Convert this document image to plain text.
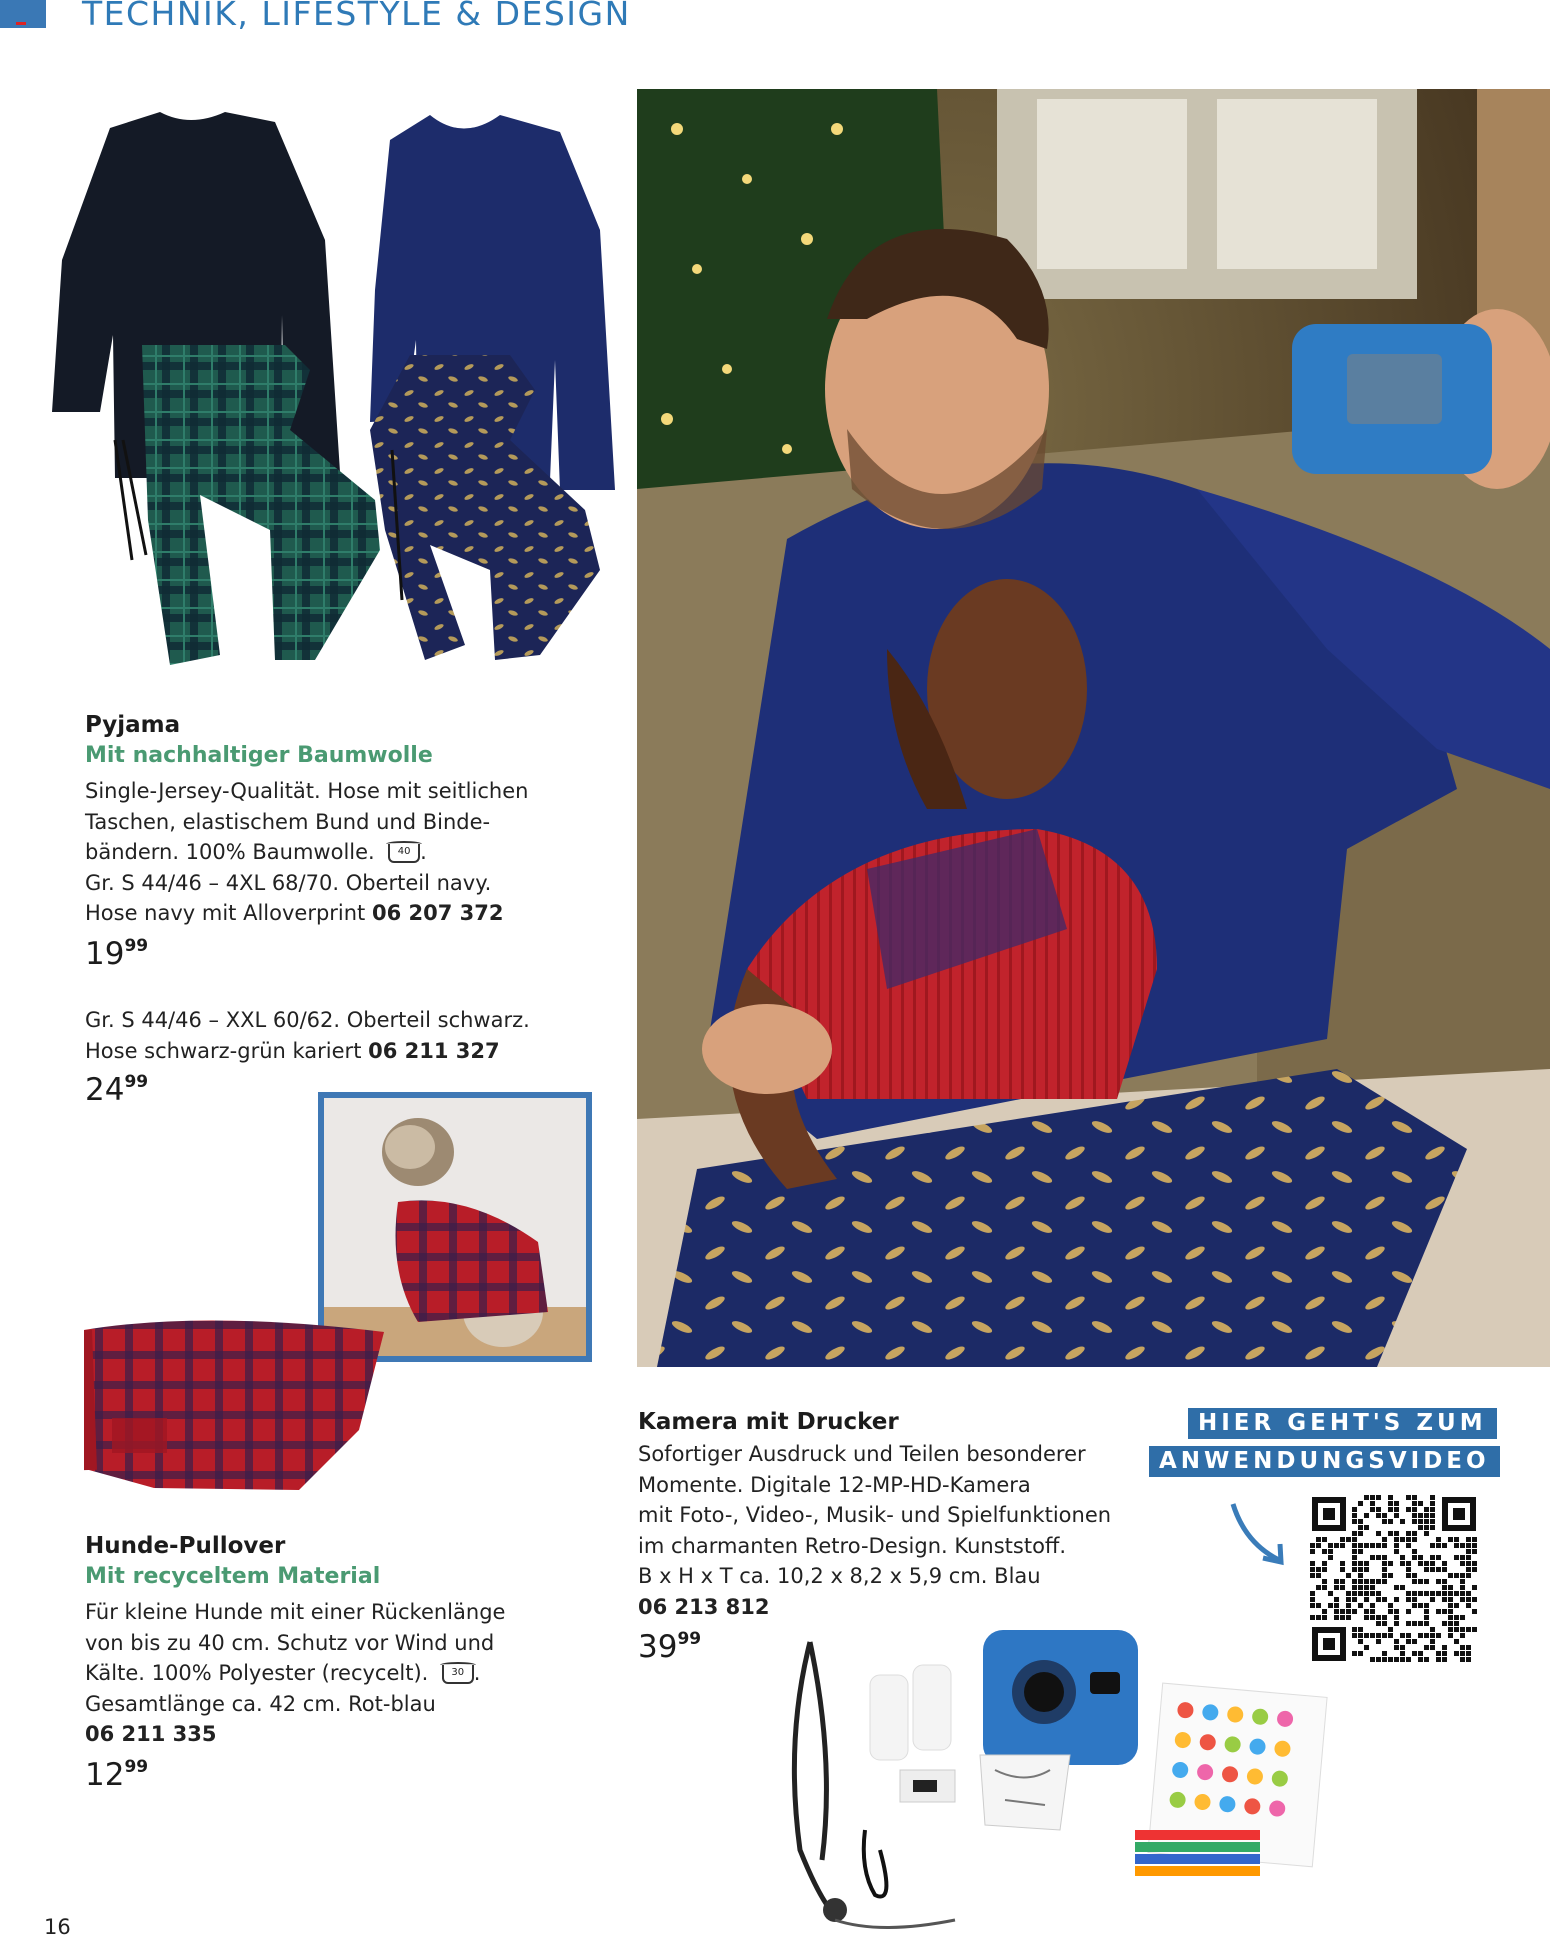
TECHNIK, LIFESTYLE & DESIGN
Pyjama
Mit nachhaltiger Baumwolle
Single-Jersey-Qualität. Hose mit seitlichen
Taschen, elastischem Bund und Binde-
bändern. 100% Baumwolle. 40 .
Gr. S 44/46 – 4XL 68/70. Oberteil navy.
Hose navy mit Alloverprint 06 207 372
$19^{99}$
Gr. S 44/46 – XXL 60/62. Oberteil schwarz.
Hose schwarz-grün kariert 06 211 327
$24^{99}$
Hunde-Pullover
Mit recyceltem Material
Für kleine Hunde mit einer Rückenlänge
von bis zu 40 cm. Schutz vor Wind und
Kälte. 100% Polyester (recycelt). 30 .
Gesamtlänge ca. 42 cm. Rot-blau
06 211 335
$12^{99}$
Kamera mit Drucker
Sofortiger Ausdruck und Teilen besonderer
Momente. Digitale 12-MP-HD-Kamera
mit Foto-, Video-, Musik- und Spielfunktionen
im charmanten Retro-Design. Kunststoff.
B x H x T ca. 10,2 x 8,2 x 5,9 cm. Blau
06 213 812
$39^{99}$
HIER GEHT'S ZUM
ANWENDUNGSVIDEO
16
